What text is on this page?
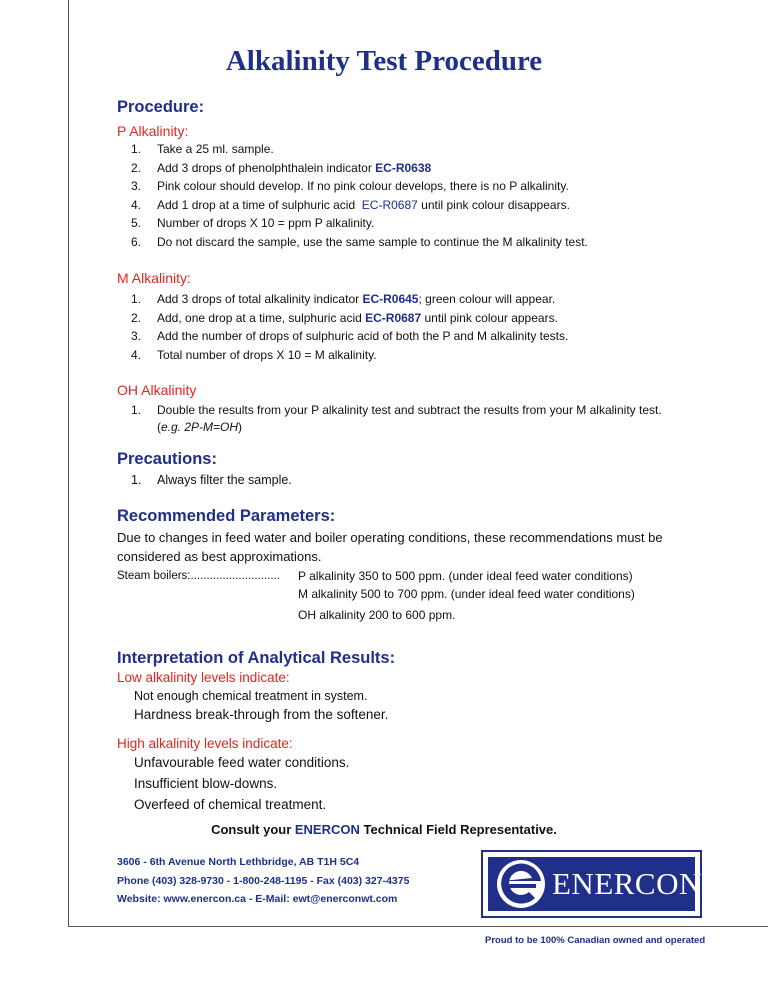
Alkalinity Test Procedure
Procedure:
P Alkalinity:
1. Take a 25 ml. sample.
2. Add 3 drops of phenolphthalein indicator EC-R0638
3. Pink colour should develop. If no pink colour develops, there is no P alkalinity.
4. Add 1 drop at a time of sulphuric acid  EC-R0687 until pink colour disappears.
5. Number of drops X 10 = ppm P alkalinity.
6. Do not discard the sample, use the same sample to continue the M alkalinity test.
M Alkalinity:
1. Add 3 drops of total alkalinity indicator EC-R0645; green colour will appear.
2. Add, one drop at a time, sulphuric acid EC-R0687 until pink colour appears.
3. Add the number of drops of sulphuric acid of both the P and M alkalinity tests.
4. Total number of drops X 10 = M alkalinity.
OH Alkalinity
1. Double the results from your P alkalinity test and subtract the results from your M alkalinity test.
(e.g. 2P-M=OH)
Precautions:
1. Always filter the sample.
Recommended Parameters:
Due to changes in feed water and boiler operating conditions, these recommendations must be considered as best approximations.
Steam boilers:............................ P alkalinity 350 to 500 ppm. (under ideal feed water conditions)
M alkalinity 500 to 700 ppm. (under ideal feed water conditions)
OH alkalinity 200 to 600 ppm.
Interpretation of Analytical Results:
Low alkalinity levels indicate:
Not enough chemical treatment in system.
Hardness break-through from the softener.
High alkalinity levels indicate:
Unfavourable feed water conditions.
Insufficient blow-downs.
Overfeed of chemical treatment.
Consult your ENERCON Technical Field Representative.
3606 - 6th Avenue North Lethbridge, AB T1H 5C4
Phone (403) 328-9730 - 1-800-248-1195 - Fax (403) 327-4375
Website: www.enercon.ca - E-Mail: ewt@enerconwt.com	ENERCON
Proud to be 100% Canadian owned and operated
